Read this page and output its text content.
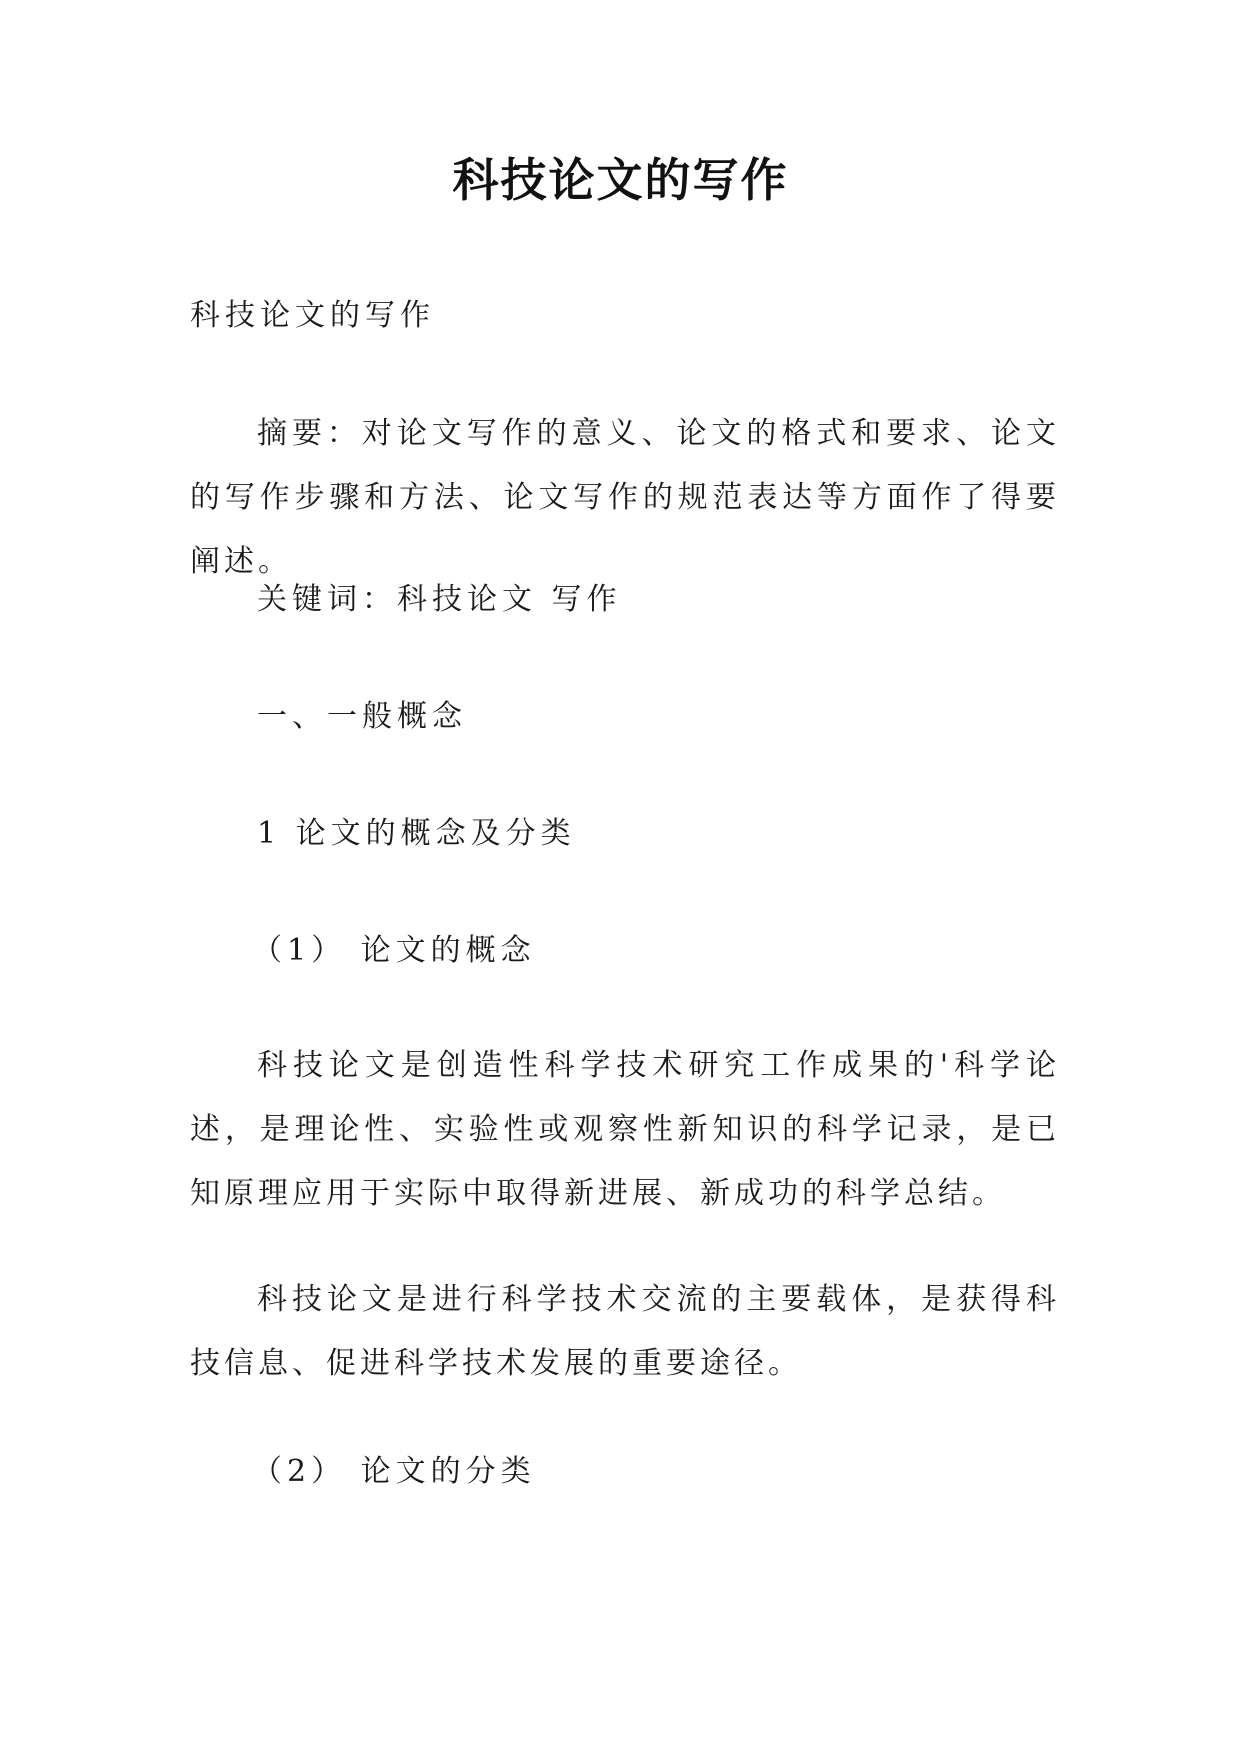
科技论文的写作
科技论文的写作
摘要：对论文写作的意义、论文的格式和要求、论文的写作步骤和方法、论文写作的规范表达等方面作了得要阐述。
关键词：科技论文 写作
一、一般概念
1 论文的概念及分类
（1） 论文的概念
科技论文是创造性科学技术研究工作成果的'科学论述，是理论性、实验性或观察性新知识的科学记录，是已知原理应用于实际中取得新进展、新成功的科学总结。
科技论文是进行科学技术交流的主要载体，是获得科技信息、促进科学技术发展的重要途径。
（2） 论文的分类
